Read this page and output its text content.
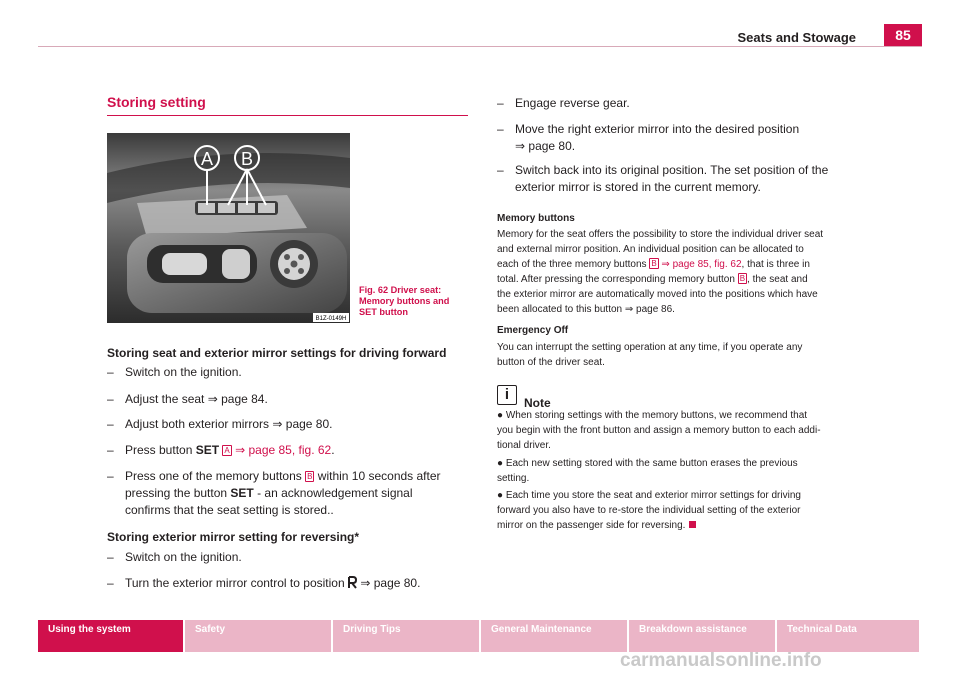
Seats and Stowage	85
Storing setting
A B
B1Z-0149H
Fig. 62 Driver seat:
Memory buttons and
SET button
Storing seat and exterior mirror settings for driving forward
– Switch on the ignition.
– Adjust the seat ⇒ page 84.
– Adjust both exterior mirrors ⇒ page 80.
– Press button SET A ⇒ page 85, fig. 62.
– Press one of the memory buttons B within 10 seconds after
pressing the button SET - an acknowledgement signal
confirms that the seat setting is stored..
Storing exterior mirror setting for reversing*
– Switch on the ignition.
– Turn the exterior mirror control to position  ⇒ page 80.
– Engage reverse gear.
– Move the right exterior mirror into the desired position
⇒ page 80.
– Switch back into its original position. The set position of the
exterior mirror is stored in the current memory.
Memory buttons
Memory for the seat offers the possibility to store the individual driver seat
and external mirror position. An individual position can be allocated to
each of the three memory buttons B ⇒ page 85, fig. 62, that is three in
total. After pressing the corresponding memory button B , the seat and
the exterior mirror are automatically moved into the positions which have
been allocated to this button ⇒ page 86.
Emergency Off
You can interrupt the setting operation at any time, if you operate any
button of the driver seat.
i	Note
● When storing settings with the memory buttons, we recommend that
you begin with the front button and assign a memory button to each addi-
tional driver.
● Each new setting stored with the same button erases the previous
setting.
● Each time you store the seat and exterior mirror settings for driving
forward you also have to re-store the individual setting of the exterior
mirror on the passenger side for reversing.
Using the system	Safety	Driving Tips	General Maintenance	Breakdown assistance	Technical Data
carmanualsonline.info
